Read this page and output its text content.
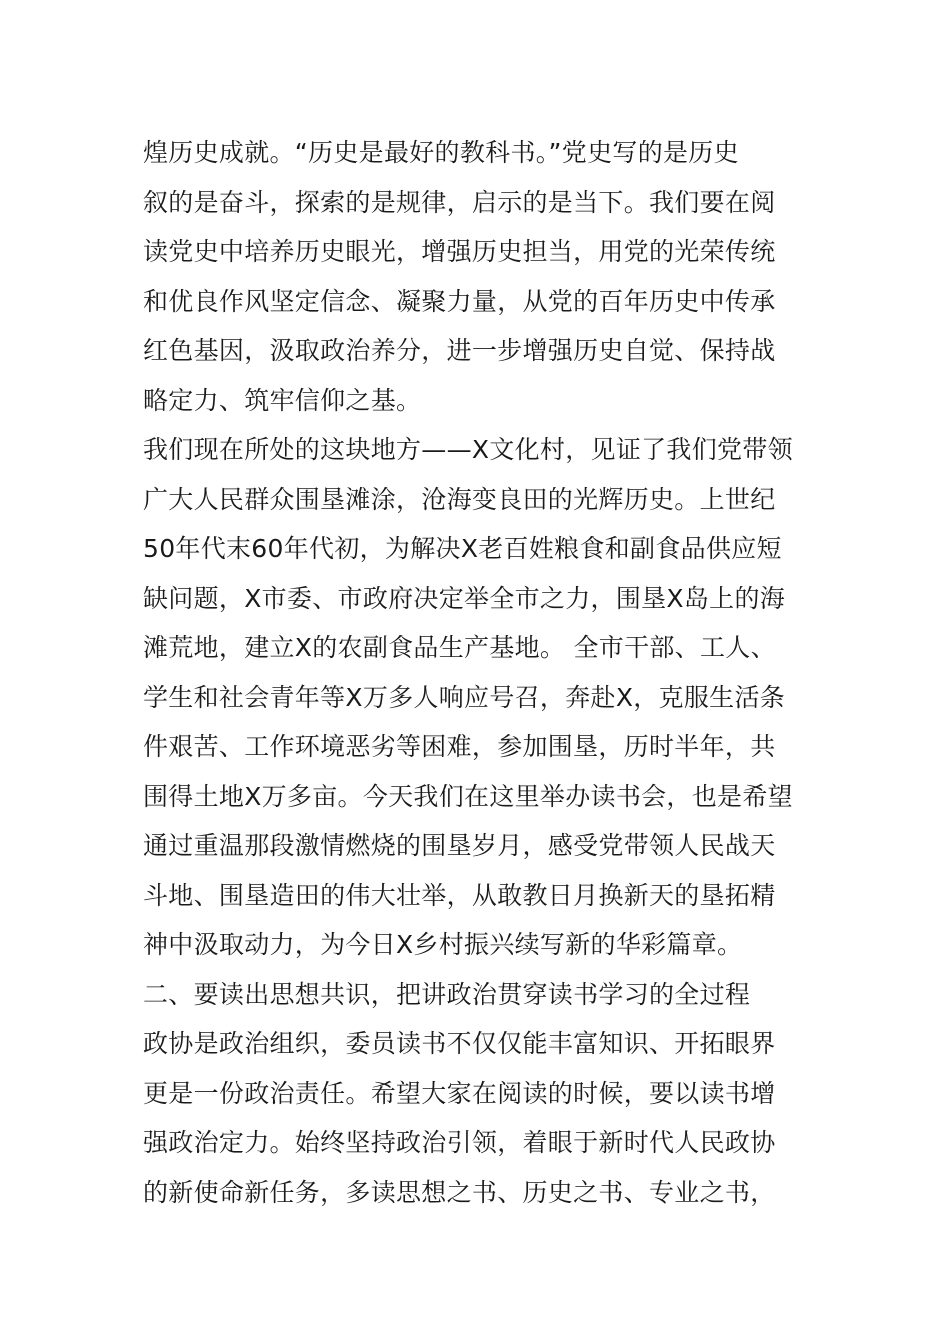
煌历史成就。“历史是最好的教科书。”党史写的是历史
叙的是奋斗，探索的是规律，启示的是当下。我们要在阅
读党史中培养历史眼光，增强历史担当，用党的光荣传统
和优良作风坚定信念、凝聚力量，从党的百年历史中传承
红色基因，汲取政治养分，进一步增强历史自觉、保持战
略定力、筑牢信仰之基。
我们现在所处的这块地方——X文化村，见证了我们党带领
广大人民群众围垦滩涂，沧海变良田的光辉历史。上世纪
50年代末60年代初，为解决X老百姓粮食和副食品供应短
缺问题，X市委、市政府决定举全市之力，围垦X岛上的海
滩荒地，建立X的农副食品生产基地。 全市干部、工人、
学生和社会青年等X万多人响应号召，奔赴X，克服生活条
件艰苦、工作环境恶劣等困难，参加围垦，历时半年，共
围得土地X万多亩。今天我们在这里举办读书会，也是希望
通过重温那段激情燃烧的围垦岁月，感受党带领人民战天
斗地、围垦造田的伟大壮举，从敢教日月换新天的垦拓精
神中汲取动力，为今日X乡村振兴续写新的华彩篇章。
二、要读出思想共识，把讲政治贯穿读书学习的全过程
政协是政治组织，委员读书不仅仅能丰富知识、开拓眼界
更是一份政治责任。希望大家在阅读的时候，要以读书增
强政治定力。始终坚持政治引领，着眼于新时代人民政协
的新使命新任务，多读思想之书、历史之书、专业之书，
